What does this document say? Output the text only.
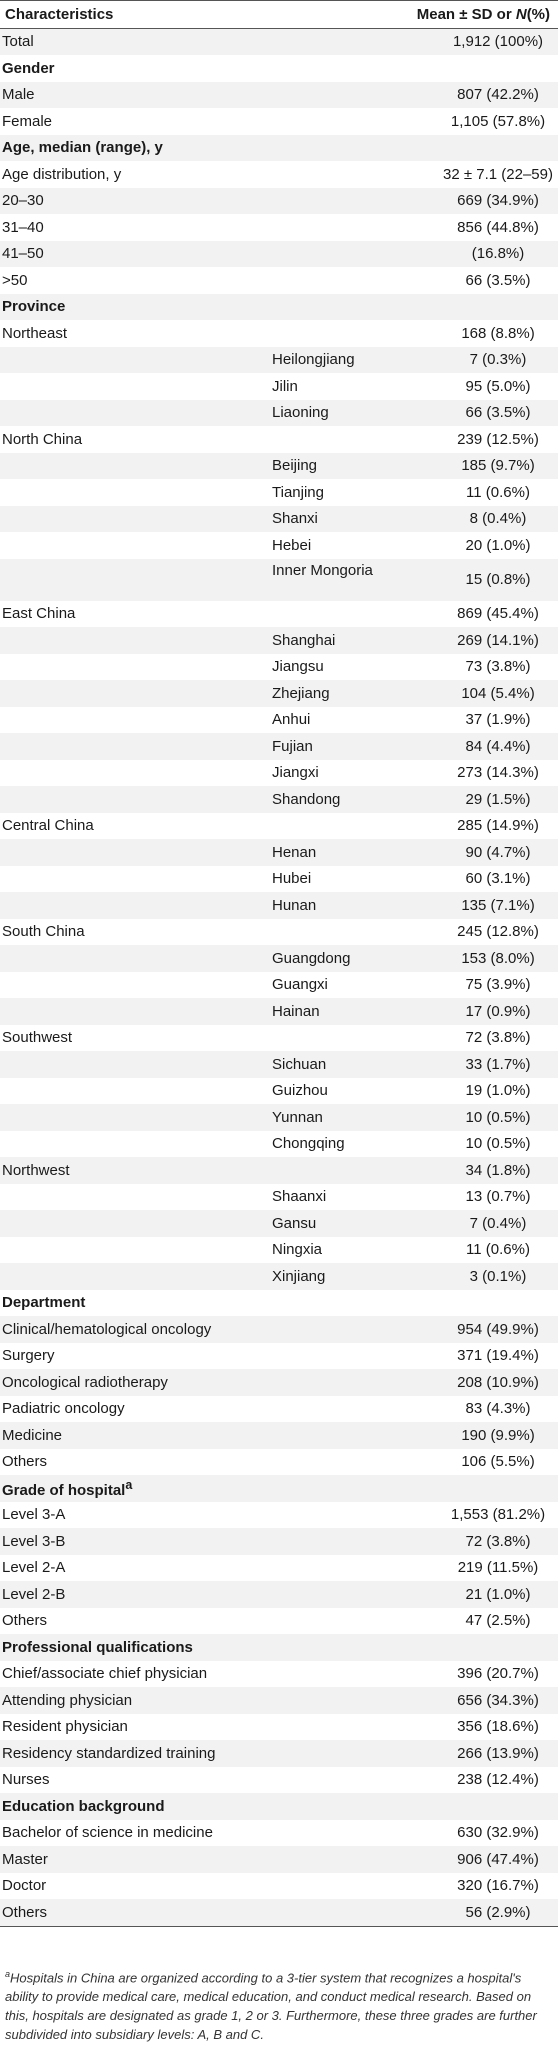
Characteristics	Mean ± SD or N(%)	
Total		1,912 (100%)
Gender		
Male		807 (42.2%)
Female		1,105 (57.8%)
Age, median (range), y		
Age distribution, y		32 ± 7.1 (22–59)
20–30		669 (34.9%)
31–40		856 (44.8%)
41–50		(16.8%)
>50		66 (3.5%)
Province		
Northeast		168 (8.8%)
	Heilongjiang	7 (0.3%)
	Jilin	95 (5.0%)
	Liaoning	66 (3.5%)
North China		239 (12.5%)
	Beijing	185 (9.7%)
	Tianjing	11 (0.6%)
	Shanxi	8 (0.4%)
	Hebei	20 (1.0%)
	Inner Mongoria	15 (0.8%)
East China		869 (45.4%)
	Shanghai	269 (14.1%)
	Jiangsu	73 (3.8%)
	Zhejiang	104 (5.4%)
	Anhui	37 (1.9%)
	Fujian	84 (4.4%)
	Jiangxi	273 (14.3%)
	Shandong	29 (1.5%)
Central China		285 (14.9%)
	Henan	90 (4.7%)
	Hubei	60 (3.1%)
	Hunan	135 (7.1%)
South China		245 (12.8%)
	Guangdong	153 (8.0%)
	Guangxi	75 (3.9%)
	Hainan	17 (0.9%)
Southwest		72 (3.8%)
	Sichuan	33 (1.7%)
	Guizhou	19 (1.0%)
	Yunnan	10 (0.5%)
	Chongqing	10 (0.5%)
Northwest		34 (1.8%)
	Shaanxi	13 (0.7%)
	Gansu	7 (0.4%)
	Ningxia	11 (0.6%)
	Xinjiang	3 (0.1%)
Department		
Clinical/hematological oncology		954 (49.9%)
Surgery		371 (19.4%)
Oncological radiotherapy		208 (10.9%)
Padiatric oncology		83 (4.3%)
Medicine		190 (9.9%)
Others		106 (5.5%)
Grade of hospital$^a$		
Level 3-A		1,553 (81.2%)
Level 3-B		72 (3.8%)
Level 2-A		219 (11.5%)
Level 2-B		21 (1.0%)
Others		47 (2.5%)
Professional qualifications		
Chief/associate chief physician		396 (20.7%)
Attending physician		656 (34.3%)
Resident physician		356 (18.6%)
Residency standardized training		266 (13.9%)
Nurses		238 (12.4%)
Education background		
Bachelor of science in medicine		630 (32.9%)
Master		906 (47.4%)
Doctor		320 (16.7%)
Others		56 (2.9%)
$^a$Hospitals in China are organized according to a 3-tier system that recognizes a hospital's ability to provide medical care, medical education, and conduct medical research. Based on this, hospitals are designated as grade 1, 2 or 3. Furthermore, these three grades are further subdivided into subsidiary levels: A, B and C.
